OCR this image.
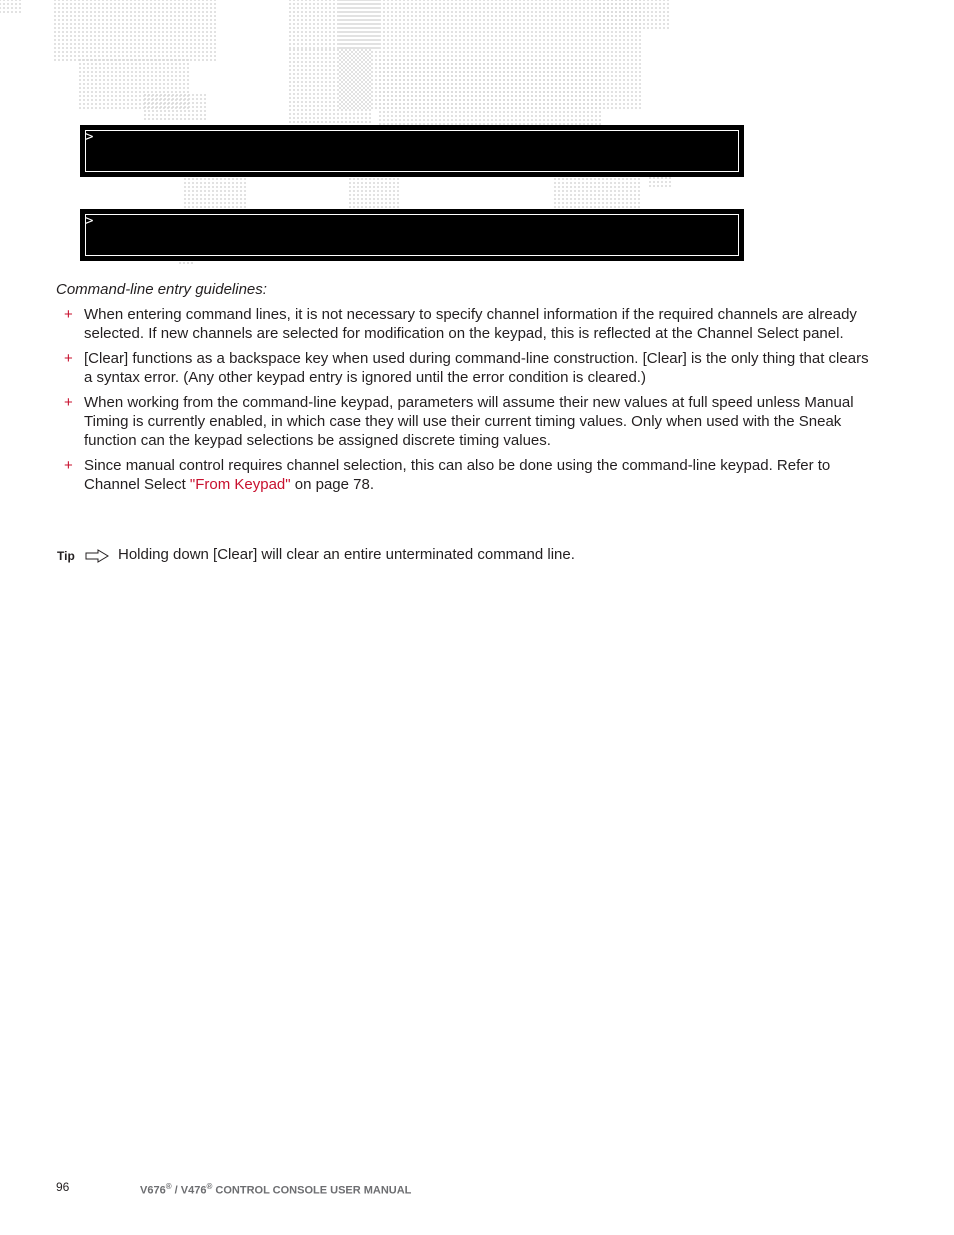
>
>
Command-line entry guidelines:
+ When entering command lines, it is not necessary to specify channel information if the required channels are already selected. If new channels are selected for modification on the keypad, this is reflected at the Channel Select panel.
+ [Clear] functions as a backspace key when used during command-line construction. [Clear] is the only thing that clears a syntax error. (Any other keypad entry is ignored until the error condition is cleared.)
+ When working from the command-line keypad, parameters will assume their new values at full speed unless Manual Timing is currently enabled, in which case they will use their current timing values. Only when used with the Sneak function can the keypad selections be assigned discrete timing values.
+ Since manual control requires channel selection, this can also be done using the command-line keypad. Refer to Channel Select "From Keypad" on page 78.
Tip	Holding down [Clear] will clear an entire unterminated command line.
96	V676® / V476® CONTROL CONSOLE USER MANUAL
